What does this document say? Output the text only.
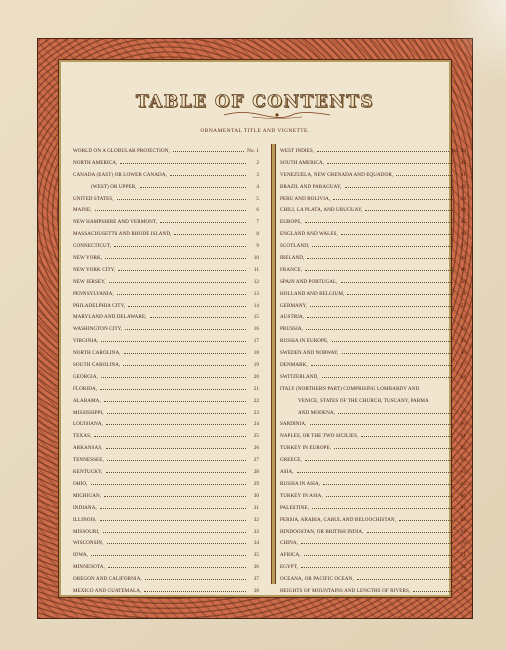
TABLE OF CONTENTS
ORNAMENTAL TITLE AND VIGNETTE.
WORLD ON A GLOBULAR PROJECTION,	No. 1
NORTH AMERICA,	2
CANADA (EAST) OR LOWER CANADA,	3
(WEST) OR UPPER,	4
UNITED STATES,	5
MAINE,	6
NEW HAMPSHIRE AND VERMONT,	7
MASSACHUSETTS AND RHODE ISLAND,	8
CONNECTICUT,	9
NEW YORK,	10
NEW YORK CITY,	11
NEW JERSEY,	12
PENNSYLVANIA,	13
PHILADELPHIA CITY,	14
MARYLAND AND DELAWARE,	15
WASHINGTON CITY,	16
VIRGINIA,	17
NORTH CAROLINA,	18
SOUTH CAROLINA,	19
GEORGIA,	20
FLORIDA,	21
ALABAMA,	22
MISSISSIPPI,	23
LOUISIANA,	24
TEXAS,	25
ARKANSAS,	26
TENNESSEE,	27
KENTUCKY,	28
OHIO,	29
MICHIGAN,	30
INDIANA,	31
ILLINOIS,	32
MISSOURI,	33
WISCONSIN,	34
IOWA,	35
MINNESOTA,	36
OREGON AND CALIFORNIA,	37
MEXICO AND GUATEMALA,	38
WEST INDIES,	No. 39
SOUTH AMERICA,	40
VENEZUELA, NEW GRENADA AND EQUADOR,	41
BRAZIL AND PARAGUAY,	42
PERU AND BOLIVIA,	43
CHILI, LA PLATA, AND URUGUAY,	44
EUROPE,	45
ENGLAND AND WALES,	46
SCOTLAND,	47
IRELAND,	48
FRANCE,	49
SPAIN AND PORTUGAL,	50
HOLLAND AND BELGIUM,	51
GERMANY,	52
AUSTRIA,	53
PRUSSIA,	54
RUSSIA IN EUROPE,	55
SWEDEN AND NORWAY,	56
DENMARK,	57
SWITZERLAND,	58
ITALY (NORTHERN PART) COMPRISING LOMBARDY AND
VENICE, STATES OF THE CHURCH, TUSCANY, PARMA
AND MODENA,	59
SARDINIA,	60
NAPLES, OR THE TWO SICILIES,	61
TURKEY IN EUROPE,	62
GREECE,	63
ASIA,	64
RUSSIA IN ASIA,	65
TURKEY IN ASIA,	66
PALESTINE,	67
PERSIA, ARABIA, CABUL AND BELOOCHISTAN,	68
HINDOOSTAN, OR BRITISH INDIA,	69
CHINA,	70
AFRICA,	71
EGYPT,	72
OCEANA, OR PACIFIC OCEAN,	73
HEIGHTS OF MOUNTAINS AND LENGTHS OF RIVERS,	74
